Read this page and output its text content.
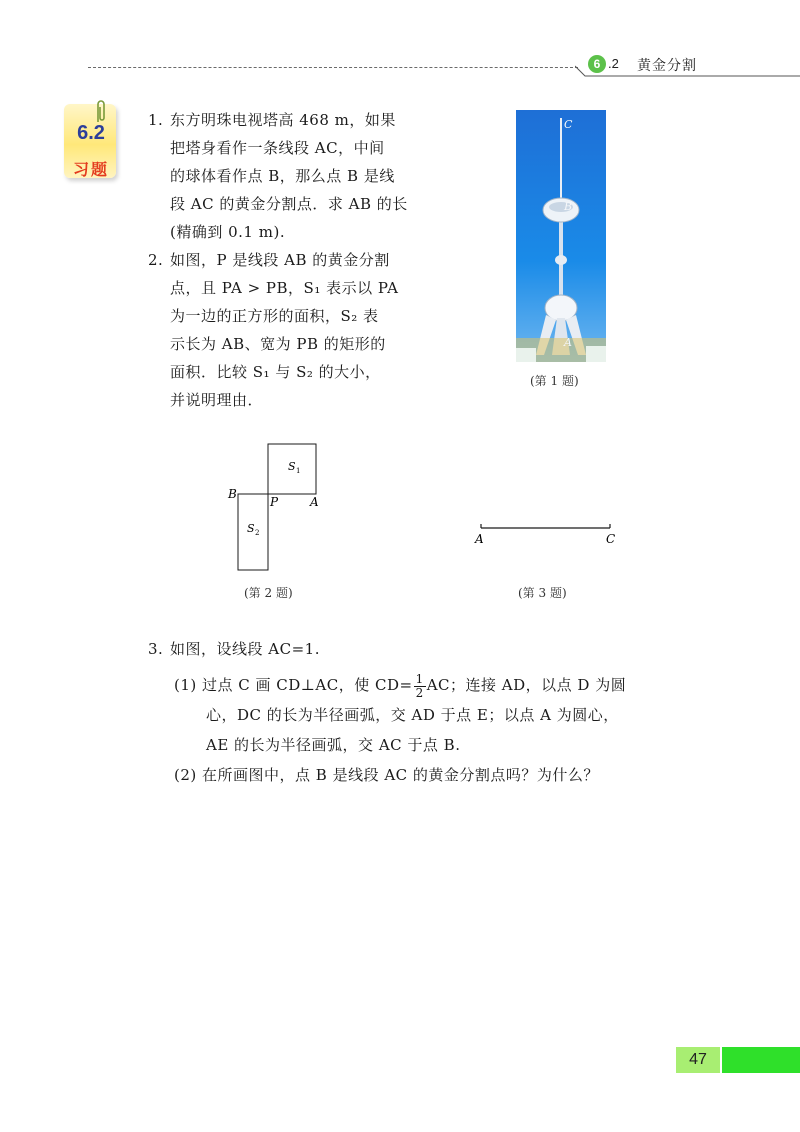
6 .2 黄金分割
6.2
习题
1. 东方明珠电视塔高 468 m，如果
把塔身看作一条线段 AC，中间
的球体看作点 B，那么点 B 是线
段 AC 的黄金分割点．求 AB 的长
(精确到 0.1 m).
2. 如图，P 是线段 AB 的黄金分割
点，且 PA > PB，S₁ 表示以 PA
为一边的正方形的面积，S₂ 表
示长为 AB、宽为 PB 的矩形的
面积．比较 S₁ 与 S₂ 的大小，
并说明理由．
C
B
A
(第 1 题)
B
P	A
S 1
S 2
(第 2 题)
A	C
(第 3 题)
3. 如图，设线段 AC=1.
(1) 过点 C 画 CD⊥AC，使 $CD= \frac{1}{2}$ AC；连接 AD，以点 D 为圆
心，DC 的长为半径画弧，交 AD 于点 E；以点 A 为圆心，
AE 的长为半径画弧，交 AC 于点 B.
(2) 在所画图中，点 B 是线段 AC 的黄金分割点吗？为什么？
47
